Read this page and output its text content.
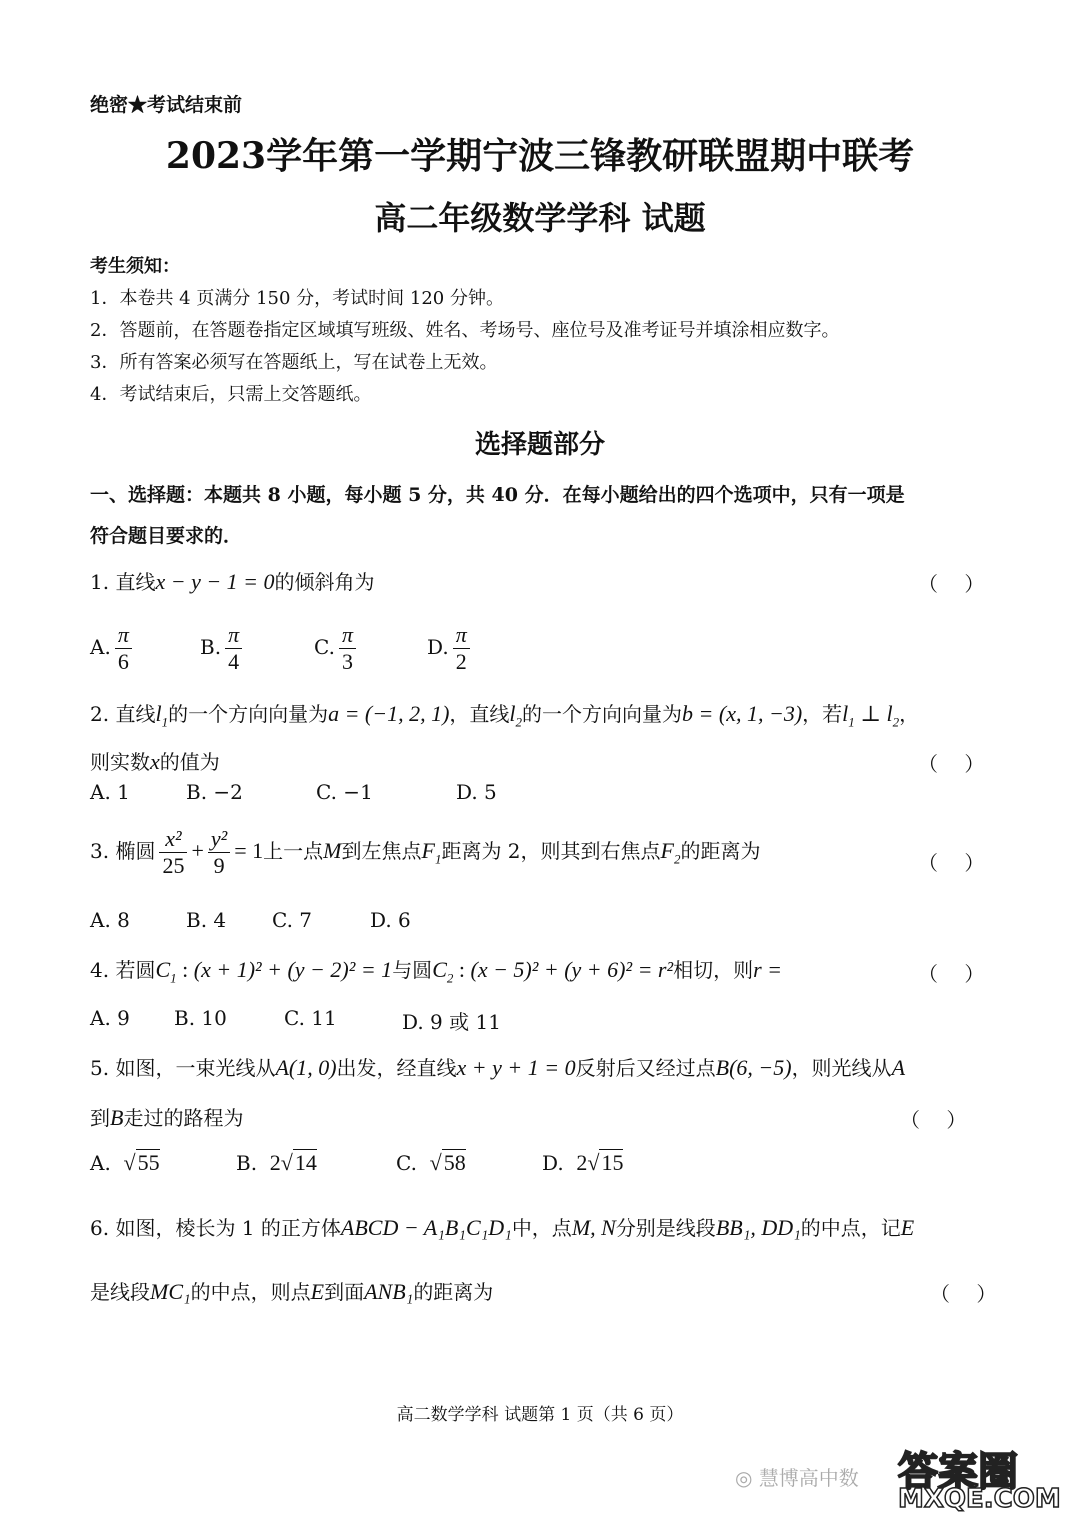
绝密★考试结束前
2023学年第一学期宁波三锋教研联盟期中联考
高二年级数学学科 试题
考生须知：
1．本卷共 4 页满分 150 分，考试时间 120 分钟。
2．答题前，在答题卷指定区域填写班级、姓名、考场号、座位号及准考证号并填涂相应数字。
3．所有答案必须写在答题纸上，写在试卷上无效。
4．考试结束后，只需上交答题纸。
选择题部分
一、选择题：本题共 8 小题，每小题 5 分，共 40 分．在每小题给出的四个选项中，只有一项是
符合题目要求的．
1. 直线x − y − 1 = 0的倾斜角为	（　 ）
A. $\frac{\pi}{6}$	B. $\frac{\pi}{4}$	C. $\frac{\pi}{3}$	D. $\frac{\pi}{2}$
2. 直线$l_1$的一个方向向量为a = (−1, 2, 1)，直线$l_2$的一个方向向量为b = (x, 1, −3)，若$l_1$ ⊥ $l_2$，
则实数x的值为	（　 ）
A. 1	B. −2	C. −1	D. 5
3. 椭圆 $\frac{\text{x²}}{25} + \frac{\text{y²}}{9} = 1$上一点M到左焦点$F_1$距离为 2，则其到右焦点$F_2$的距离为	（　 ）
A. 8	B. 4 C. 7	D. 6
4. 若圆$C_1$ : (x + 1)² + (y − 2)² = 1与圆$C_2$ : (x − 5)² + (y + 6)² = r²相切，则r =	（　 ）
A. 9 B. 10	C. 11	D. 9 或 11
5. 如图，一束光线从A(1, 0)出发，经直线x + y + 1 = 0反射后又经过点B(6, −5)，则光线从A
到B走过的路程为	（　 ）
A. √55	B. 2√14	C. √58	D. 2√15
6. 如图，棱长为 1 的正方体ABCD − A₁B₁C₁D₁中，点M, N分别是线段BB₁, DD₁的中点，记E
是线段MC₁的中点，则点E到面ANB₁的距离为	（　 ）
高二数学学科 试题第 1 页（共 6 页）
◎ 慧博高中数 答案圈
MXQE.COM
